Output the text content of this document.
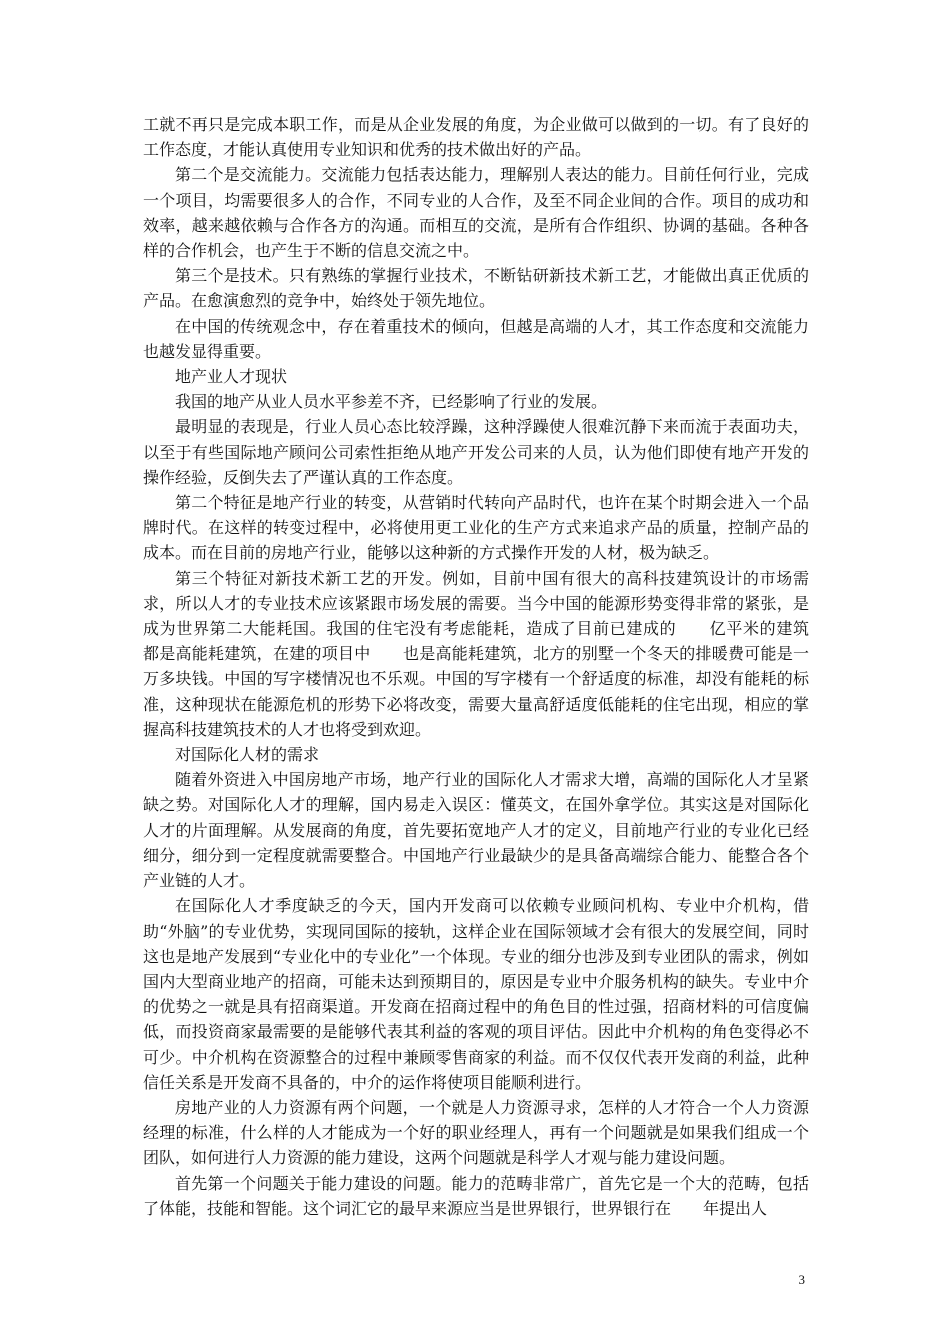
工就不再只是完成本职工作，而是从企业发展的角度，为企业做可以做到的一切。有了良好的工作态度，才能认真使用专业知识和优秀的技术做出好的产品。

第二个是交流能力。交流能力包括表达能力，理解别人表达的能力。目前任何行业，完成一个项目，均需要很多人的合作，不同专业的人合作，及至不同企业间的合作。项目的成功和效率，越来越依赖与合作各方的沟通。而相互的交流，是所有合作组织、协调的基础。各种各样的合作机会，也产生于不断的信息交流之中。

第三个是技术。只有熟练的掌握行业技术，不断钻研新技术新工艺，才能做出真正优质的产品。在愈演愈烈的竞争中，始终处于领先地位。

在中国的传统观念中，存在着重技术的倾向，但越是高端的人才，其工作态度和交流能力也越发显得重要。

地产业人才现状

我国的地产从业人员水平参差不齐，已经影响了行业的发展。

最明显的表现是，行业人员心态比较浮躁，这种浮躁使人很难沉静下来而流于表面功夫，以至于有些国际地产顾问公司索性拒绝从地产开发公司来的人员，认为他们即使有地产开发的操作经验，反倒失去了严谨认真的工作态度。

第二个特征是地产行业的转变，从营销时代转向产品时代，也许在某个时期会进入一个品牌时代。在这样的转变过程中，必将使用更工业化的生产方式来追求产品的质量，控制产品的成本。而在目前的房地产行业，能够以这种新的方式操作开发的人材，极为缺乏。

第三个特征对新技术新工艺的开发。例如，目前中国有很大的高科技建筑设计的市场需求，所以人才的专业技术应该紧跟市场发展的需要。当今中国的能源形势变得非常的紧张，是成为世界第二大能耗国。我国的住宅没有考虑能耗，造成了目前已建成的　　亿平米的建筑　　都是高能耗建筑，在建的项目中　　也是高能耗建筑，北方的别墅一个冬天的排暖费可能是一万多块钱。中国的写字楼情况也不乐观。中国的写字楼有一个舒适度的标准，却没有能耗的标准，这种现状在能源危机的形势下必将改变，需要大量高舒适度低能耗的住宅出现，相应的掌握高科技建筑技术的人才也将受到欢迎。

对国际化人材的需求

随着外资进入中国房地产市场，地产行业的国际化人才需求大增，高端的国际化人才呈紧缺之势。对国际化人才的理解，国内易走入误区：懂英文，在国外拿学位。其实这是对国际化人才的片面理解。从发展商的角度，首先要拓宽地产人才的定义，目前地产行业的专业化已经细分，细分到一定程度就需要整合。中国地产行业最缺少的是具备高端综合能力、能整合各个产业链的人才。

在国际化人才季度缺乏的今天，国内开发商可以依赖专业顾问机构、专业中介机构，借助“外脑”的专业优势，实现同国际的接轨，这样企业在国际领域才会有很大的发展空间，同时这也是地产发展到“专业化中的专业化”一个体现。专业的细分也涉及到专业团队的需求，例如国内大型商业地产的招商，可能未达到预期目的，原因是专业中介服务机构的缺失。专业中介的优势之一就是具有招商渠道。开发商在招商过程中的角色目的性过强，招商材料的可信度偏低，而投资商家最需要的是能够代表其利益的客观的项目评估。因此中介机构的角色变得必不可少。中介机构在资源整合的过程中兼顾零售商家的利益。而不仅仅代表开发商的利益，此种信任关系是开发商不具备的，中介的运作将使项目能顺利进行。

房地产业的人力资源有两个问题，一个就是人力资源寻求，怎样的人才符合一个人力资源经理的标准，什么样的人才能成为一个好的职业经理人，再有一个问题就是如果我们组成一个团队，如何进行人力资源的能力建设，这两个问题就是科学人才观与能力建设问题。

首先第一个问题关于能力建设的问题。能力的范畴非常广，首先它是一个大的范畴，包括了体能，技能和智能。这个词汇它的最早来源应当是世界银行，世界银行在　　年提出人

3
